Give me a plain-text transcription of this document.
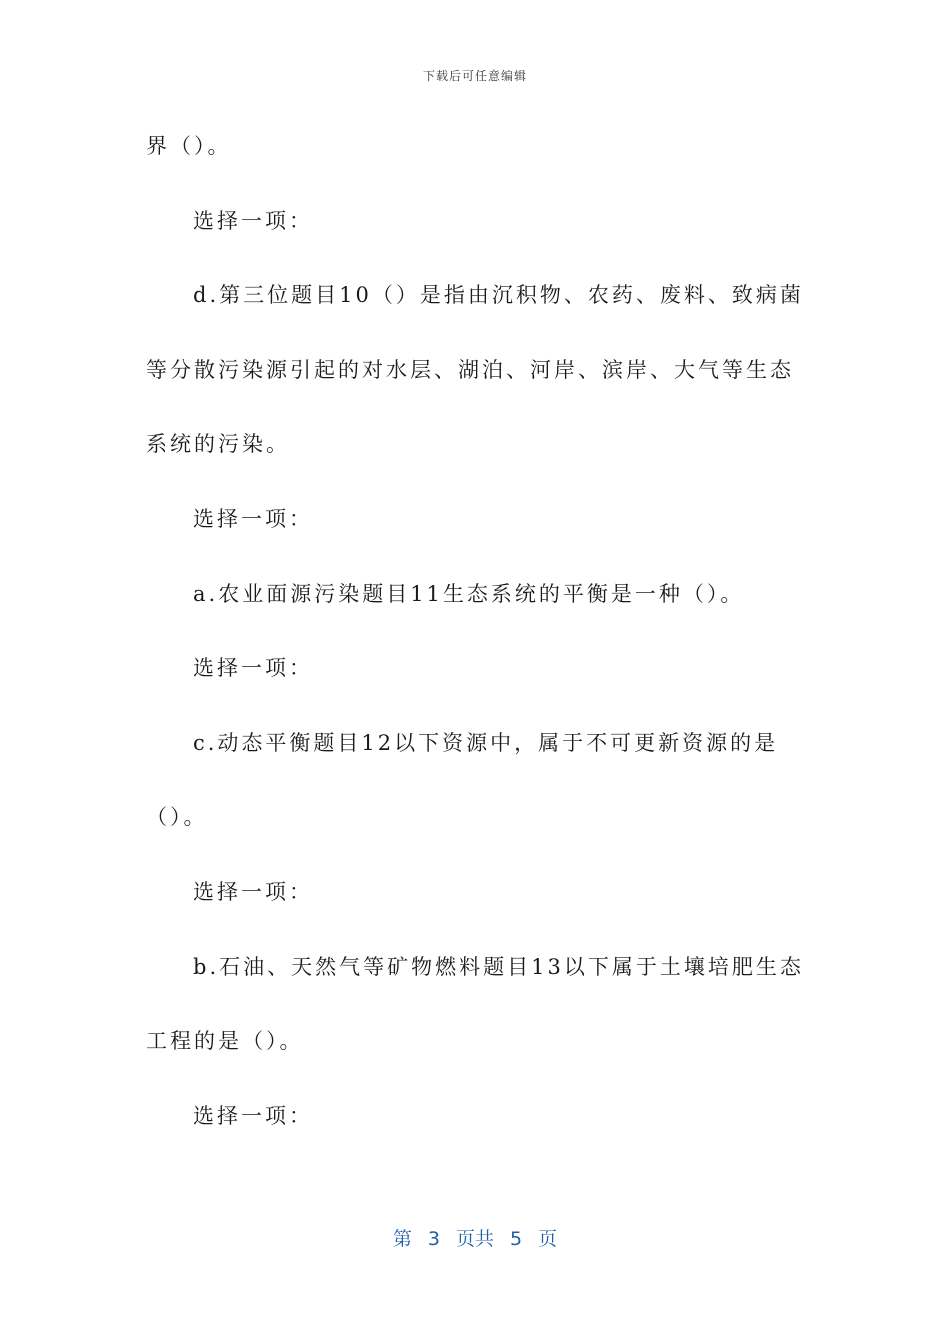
下载后可任意编辑
界（）。
选择一项：
d.第三位题目10（）是指由沉积物、农药、废料、致病菌
等分散污染源引起的对水层、湖泊、河岸、滨岸、大气等生态
系统的污染。
选择一项：
a.农业面源污染题目11生态系统的平衡是一种（）。
选择一项：
c.动态平衡题目12以下资源中，属于不可更新资源的是
（）。
选择一项：
b.石油、天然气等矿物燃料题目13以下属于土壤培肥生态
工程的是（）。
选择一项：
第 3 页共 5 页
